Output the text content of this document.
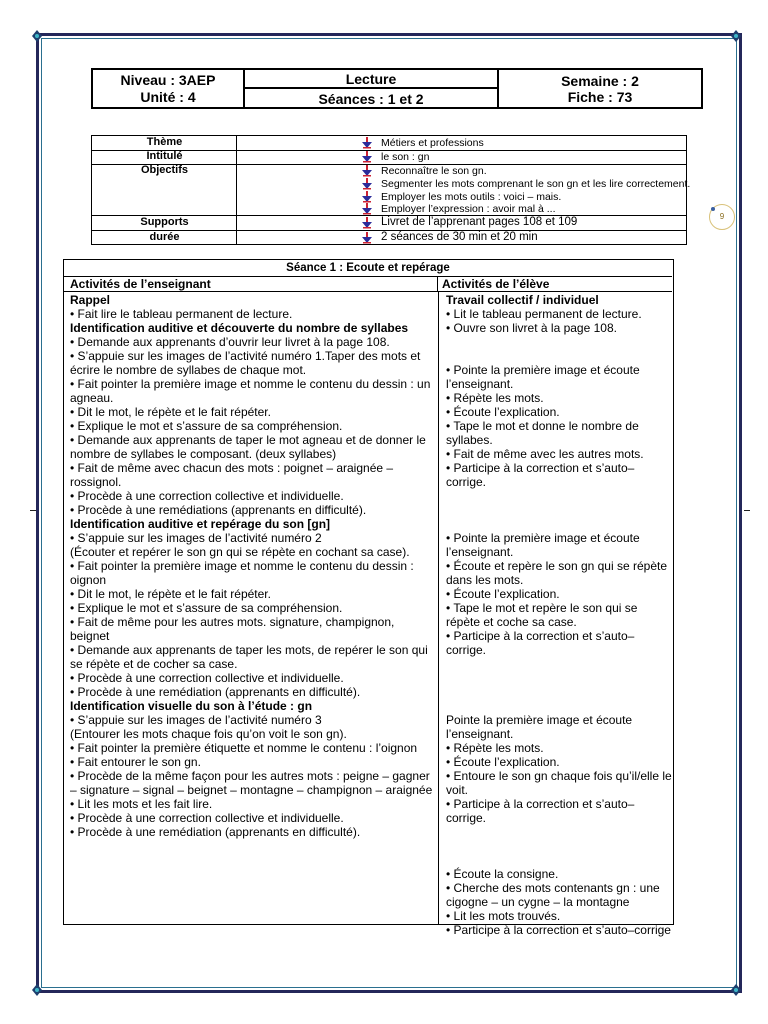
9
Niveau : 3AEP
Unité : 4
Lecture
Séances : 1 et 2
Semaine : 2
Fiche : 73
Thème
Intitulé
Objectifs
Supports
durée
Métiers et professions
le son : gn
Reconnaître le son gn.
Segmenter les mots comprenant le son gn et les lire correctement.
Employer les mots outils : voici – mais.
Employer l’expression : avoir mal à ...
Livret de l’apprenant pages 108 et 109
2 séances de 30 min et 20 min
Séance 1 : Ecoute et repérage
Activités de l’enseignant	Activités de l’élève

Rappel

• Fait lire le tableau permanent de lecture.

Identification auditive et découverte du nombre de syllabes

• Demande aux apprenants d’ouvrir leur livret à la page 108.
• S’appuie sur les images de l’activité numéro 1.Taper des mots et écrire le nombre de syllabes de chaque mot.
• Fait pointer la première image et nomme le contenu du dessin : un agneau.
• Dit le mot, le répète et le fait répéter.
• Explique le mot et s’assure de sa compréhension.
• Demande aux apprenants de taper le mot agneau et de donner le nombre de syllabes le composant. (deux syllabes)
• Fait de même avec chacun des mots : poignet – araignée – rossignol.
• Procède à une correction collective et individuelle.
• Procède à une remédiations (apprenants en difficulté).

Identification auditive et repérage du son [gn]

• S’appuie sur les images de l’activité numéro 2
(Écouter et repérer le son gn qui se répète en cochant sa case).
• Fait pointer la première image et nomme le contenu du dessin : oignon
• Dit le mot, le répète et le fait répéter.
• Explique le mot et s’assure de sa compréhension.
• Fait de même pour les autres mots. signature, champignon, beignet
• Demande aux apprenants de taper les mots, de repérer le son qui se répète et de cocher sa case.
• Procède à une correction collective et individuelle.
• Procède à une remédiation (apprenants en difficulté).

Identification visuelle du son à l’étude : gn

• S’appuie sur les images de l’activité numéro 3
(Entourer les mots chaque fois qu’on voit le son gn).
• Fait pointer la première étiquette et nomme le contenu : l’oignon
• Fait entourer le son gn.
• Procède de la même façon pour les autres mots : peigne – gagner – signature – signal – beignet – montagne – champignon – araignée
• Lit les mots et les fait lire.
• Procède à une correction collective et individuelle.
• Procède à une remédiation (apprenants en difficulté).

Travail collectif / individuel

• Lit le tableau permanent de lecture.
• Ouvre son livret à la page 108.

• Pointe la première image et écoute l’enseignant.
• Répète les mots.
• Écoute l’explication.
• Tape le mot et donne le nombre de syllabes.
• Fait de même avec les autres mots.
• Participe à la correction et s’auto–corrige.

• Pointe la première image et écoute l’enseignant.
• Écoute et repère le son gn qui se répète dans les mots.
• Écoute l’explication.
• Tape le mot et repère le son qui se répète et coche sa case.
• Participe à la correction et s’auto–corrige.

Pointe la première image et écoute l’enseignant.
• Répète les mots.
• Écoute l’explication.
• Entoure le son gn chaque fois qu’il/elle le voit.
• Participe à la correction et s’auto–corrige.

• Écoute la consigne.
• Cherche des mots contenants gn : une cigogne – un cygne – la montagne
• Lit les mots trouvés.
• Participe à la correction et s’auto–corrige
